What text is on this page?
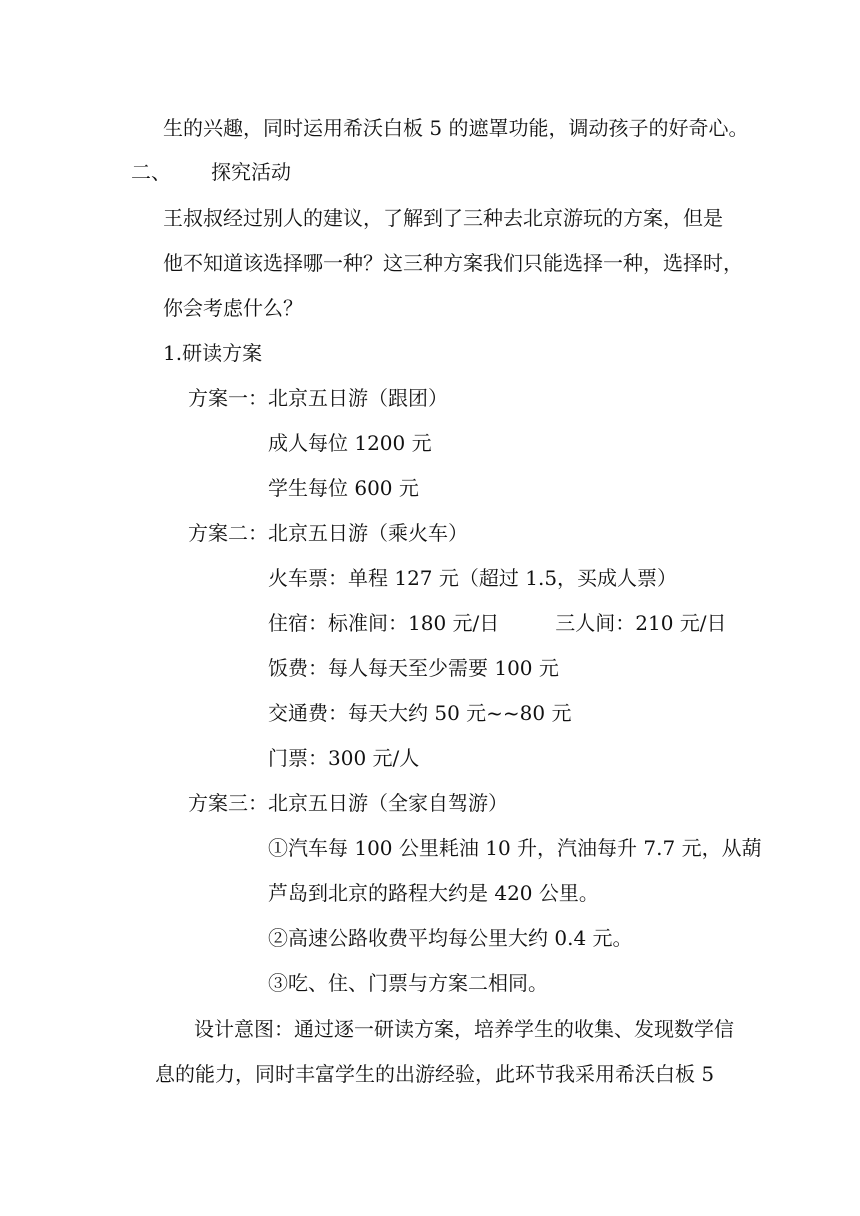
生的兴趣，同时运用希沃白板 5 的遮罩功能，调动孩子的好奇心。
二、 探究活动
王叔叔经过别人的建议，了解到了三种去北京游玩的方案，但是
他不知道该选择哪一种？这三种方案我们只能选择一种，选择时，
你会考虑什么？
1.研读方案
方案一：北京五日游（跟团）
成人每位 1200 元
学生每位 600 元
方案二：北京五日游（乘火车）
火车票：单程 127 元（超过 1.5，买成人票）
住宿：标准间：180 元/日	三人间：210 元/日
饭费：每人每天至少需要 100 元
交通费：每天大约 50 元~~80 元
门票：300 元/人
方案三：北京五日游（全家自驾游）
①汽车每 100 公里耗油 10 升，汽油每升 7.7 元，从葫
芦岛到北京的路程大约是 420 公里。
②高速公路收费平均每公里大约 0.4 元。
③吃、住、门票与方案二相同。
设计意图：通过逐一研读方案，培养学生的收集、发现数学信
息的能力，同时丰富学生的出游经验，此环节我采用希沃白板 5
